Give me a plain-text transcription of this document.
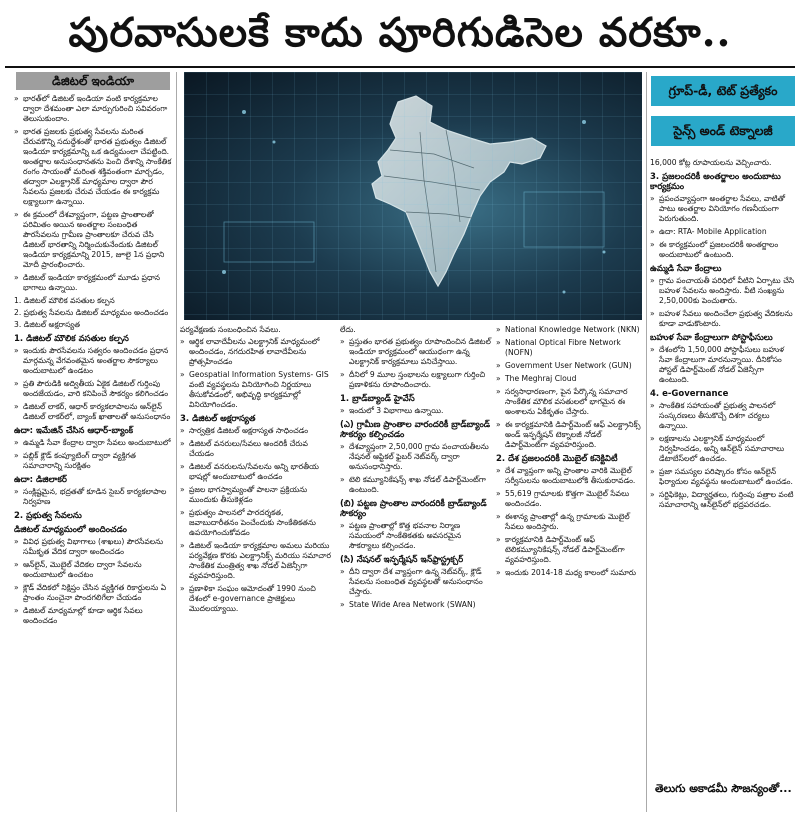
పురవాసులకే కాదు పూరిగుడిసెల వరకూ..
డిజిటల్ ఇండియా
» భారత్‌లో డిజిటల్ ఇండియా వంటి కార్యక్రమాల ద్వారా దేశమంతా ఎలా మార్పుగురించి సవివరంగా తెలుసుకుందాం.
» భారత ప్రజలకు ప్రభుత్వ సేవలను మరింత చేరువకొన్ని సదుద్దేశంతో భారత ప్రభుత్వం డిజిటల్ ఇండియా కార్యక్రమాన్ని ఒక ఉద్యమంలా చేపట్టింది. అంతర్జాల అనుసంధానతను పెంచి దేశాన్ని సాంకేతిక రంగం సాయంతో మరింత శక్తివంతంగా మార్చడం, తద్వారా ఎలక్ట్రానిక్ మాధ్యమాల ద్వారా పౌర సేవలను ప్రజలకు చేరువ చేయడం ఈ కార్యక్రమ లక్ష్యాలుగా ఉన్నాయి.
» ఈ క్రమంలో దేశవ్యాప్తంగా, పట్టణ ప్రాంతాలతో పరిమితం అయిన అంతర్జాల సంబంధిత పౌరసేవలను గ్రామీణ ప్రాంతాలకూ చేరువ చేసి డిజిటల్ భారతాన్ని నిర్మించుకునేందుకు డిజిటల్ ఇండియా కార్యక్రమాన్ని 2015, జూలై 1న ప్రధాని మోదీ ప్రారంభించారు.
» డిజిటల్ ఇండియా కార్యక్రమంలో మూడు ప్రధాన భాగాలు ఉన్నాయి.
1. డిజిటల్ మౌలిక వసతుల కల్పన
2. ప్రభుత్వ సేవలను డిజిటల్ మాధ్యమం అందించడం
3. డిజిటల్ అక్షరాస్యత
1. డిజిటల్ మౌలిక వసతుల కల్పన
» ఇందుకు పౌరసేవలను సత్వరం అందించడం ప్రధాన మార్గమన్న వేగవంతమైన అంతర్జాల సౌకర్యాలు అందుబాటులో ఉండటం
» ప్రతి పౌరుడికి అద్వితీయ ఏకైక డిజిటల్ గుర్తింపు అందజేయడం, వారి కనిపించే సౌకర్యం కలిగించడం
» డిజిటల్ లాకర్, ఆధార్ కార్యకలాపాలను ఆన్‌లైన్ డిజిటల్ లాకర్‌లో, బ్యాంక్ ఖాతాలతో అనుసంధానం
ఉదా: ఇమేజిన్ చేసిన ఆధార్-బ్యాంక్
» ఉమ్మడి సేవా కేంద్రాల ద్వారా సేవలు అందుబాటులో
» పబ్లిక్ క్లౌడ్ కంప్యూటింగ్ ద్వారా వ్యక్తిగత సమాచారాన్ని సురక్షితం
ఉదా: డిజిలాకర్
» సంక్లిష్టమైన, భద్రతతో కూడిన సైబర్ కార్యకలాపాల నిర్వహణ
2. ప్రభుత్వ సేవలను
డిజిటల్ మాధ్యమంలో అందించడం
» వివిధ ప్రభుత్వ విభాగాలు (శాఖలు) పౌరసేవలను సమీకృత వేదిక ద్వారా అందించడం
» ఆన్‌లైన్, మొబైల్ వేదికల ద్వారా సేవలను అందుబాటులో ఉంచటం
» క్లౌడ్ వేదికలో నిక్షిప్తం చేసిన వ్యక్తిగత రికార్డులను ఏ ప్రాంతం నుంచైనా పొందగలిగేలా చేయడం
» డిజిటల్ మాధ్యమాల్లో కూడా ఆర్థిక సేవలు అందించడం
గ్రూప్-డీ, టెట్ ప్రత్యేకం
సైన్స్ అండ్ టెక్నాలజీ
పర్యవేక్షణకు సంబంధించిన సేవలు.
» ఆర్థిక లావాదేవీలను ఎలక్ట్రానిక్ మాధ్యమంలో అందించడం, నగదురహిత లావాదేవీలను ప్రోత్సహించడం
» Geospatial Information Systems- GIS వంటి వ్యవస్థలను వినియోగించి నిర్ణయాలు తీసుకోవడంలో, అభివృద్ధి కార్యక్రమాల్లో వినియోగించడం.
3. డిజిటల్ అక్షరాస్యత
» సార్వత్రిక డిజిటల్ అక్షరాస్యత సాధించడం
» డిజిటల్ వనరులు/సేవలు అందరికీ చేరువ చేయడం
» డిజిటల్ వనరులను/సేవలను అన్ని భారతీయ భాషల్లో అందుబాటులో ఉంచడం
» ప్రజల భాగస్వామ్యంతో పాలనా ప్రక్రియను ముందుకు తీసుకెళ్లడం
» ప్రభుత్వం పాలనలో పారదర్శకత, జవాబుదారీతనం పెంచేందుకు సాంకేతికతను ఉపయోగించుకోవడం
» డిజిటల్ ఇండియా కార్యక్రమాల అమలు మరియు పర్యవేక్షణ కొరకు ఎలక్ట్రానిక్స్ మరియు సమాచార సాంకేతిక మంత్రిత్వ శాఖ నోడల్ ఏజెన్సీగా వ్యవహరిస్తుంది.
» ప్రణాళికా సంఘం ఆమోదంతో 1990 నుంచి దేశంలో e-governance ప్రాజెక్టులు మొదలయ్యాయి.
లేదు.
» ప్రస్తుతం భారత ప్రభుత్వం రూపొందించిన డిజిటల్ ఇండియా కార్యక్రమంలో ఆయుధంగా ఉన్న ఎలక్ట్రానిక్ కార్యక్రమాలు పనిచేస్తాయి.
» దీనిలో 9 మూల స్తంభాలను లక్ష్యాలుగా గుర్తించి ప్రణాళికను రూపొందించారు.
1. బ్రాడ్‌బ్యాండ్ హైవేస్
» ఇందులో 3 విభాగాలు ఉన్నాయి.
(ఎ) గ్రామీణ ప్రాంతాల వారందరికీ బ్రాడ్‌బ్యాండ్ సౌకర్యం కల్పించడం
» దేశవ్యాప్తంగా 2,50,000 గ్రామ పంచాయతీలను నేషనల్ ఆప్టికల్ ఫైబర్ నెట్‌వర్క్ ద్వారా అనుసంధానిస్తారు.
» టెలి కమ్యూనికేషన్స్ శాఖ నోడల్ డిపార్ట్‌మెంట్‌గా ఉంటుంది.
(బి) పట్టణ ప్రాంతాల వారందరికీ బ్రాడ్‌బ్యాండ్ సౌకర్యం
» పట్టణ ప్రాంతాల్లో కొత్త భవనాల నిర్మాణ సమయంలో సాంకేతికతకు అవసరమైన సౌకర్యాలు కల్పించడం.
(సి) నేషనల్ ఇన్ఫర్మేషన్ ఇన్‌ఫ్రాస్ట్రక్చర్
» దీని ద్వారా దేశ వ్యాప్తంగా ఉన్న నెట్‌వర్క్, క్లౌడ్ సేవలను సంబంధిత వ్యవస్థలతో అనుసంధానం చేస్తారు.
» State Wide Area Network (SWAN)
» National Knowledge Network (NKN)
» National Optical Fibre Network (NOFN)
» Government User Network (GUN)
» The Meghraj Cloud
» సర్వసాధారణంగా, పైన పేర్కొన్న సమాచార సాంకేతిక మౌలిక వసతులలో భాగమైన ఈ అంశాలను ఏకీకృతం చేస్తారు.
» ఈ కార్యక్రమానికి డిపార్ట్‌మెంట్ ఆఫ్ ఎలక్ట్రానిక్స్ అండ్ ఇన్ఫర్మేషన్ టెక్నాలజీ నోడల్ డిపార్ట్‌మెంట్‌గా వ్యవహరిస్తుంది.
2. దేశ ప్రజలందరికీ మొబైల్ కనెక్టివిటీ
» దేశ వ్యాప్తంగా అన్ని ప్రాంతాల వారికి మొబైల్ సర్వీసులను అందుబాటులోకి తీసుకురావడం.
» 55,619 గ్రామాలకు కొత్తగా మొబైల్ సేవలు అందించడం.
» ఈశాన్య ప్రాంతాల్లో ఉన్న గ్రామాలకు మొబైల్ సేవలు అందిస్తారు.
» కార్యక్రమానికి డిపార్ట్‌మెంట్ ఆఫ్ టెలికమ్యూనికేషన్స్ నోడల్ డిపార్ట్‌మెంట్‌గా వ్యవహరిస్తుంది.
» ఇందుకు 2014-18 మధ్య కాలంలో సుమారు
16,000 కోట్ల రూపాయలను వెచ్చించారు.
3. ప్రజలందరికీ అంతర్జాలం అందుబాటు కార్యక్రమం
» ప్రపంచవ్యాప్తంగా అంతర్జాల సేవలు, వాటితో పాటు అంతర్జాల వినియోగం గణనీయంగా పెరుగుతుంది.
» ఉదా: RTA- Mobile Application
» ఈ కార్యక్రమంలో ప్రజలందరికీ అంతర్జాలం అందుబాటులో ఉంటుంది.
ఉమ్మడి సేవా కేంద్రాలు
» గ్రామ పంచాయతీ పరిధిలో వీటిని ఏర్పాటు చేసి బహుళ సేవలను అందిస్తారు. వీటి సంఖ్యను 2,50,000కు పెంచుతారు.
» బహుళ సేవలు అందించేలా ప్రభుత్వ వేదికలను కూడా వాడుకొంటారు.
బహుళ సేవా కేంద్రాలుగా పోస్టాఫీసులు
» దేశంలోని 1,50,000 పోస్టాఫీసులు బహుళ సేవా కేంద్రాలుగా మారనున్నాయి. దీనికోసం పోస్టల్ డిపార్ట్‌మెంట్ నోడల్ ఏజెన్సీగా ఉంటుంది.
4. e-Governance
» సాంకేతిక సహాయంతో ప్రభుత్వ పాలనలో సంస్కరణలు తీసుకొచ్చే దిశగా చర్యలు ఉన్నాయి.
» లక్షణాలను ఎలక్ట్రానిక్ మాధ్యమంలో నిర్వహించడం, అన్ని ఆన్‌లైన్ సమాచారాలు డేటాబేస్‌లలో ఉంచడం.
» ప్రజా సమస్యల పరిష్కారం కోసం ఆన్‌లైన్ ఫిర్యాదుల వ్యవస్థను అందుబాటులో ఉంచడం.
» సర్టిఫికెట్లు, విద్యార్హతలు, గుర్తింపు పత్రాల వంటి సమాచారాన్ని ఆన్‌లైన్‌లో భద్రపరచడం.
తెలుగు అకాడమీ సౌజన్యంతో...
